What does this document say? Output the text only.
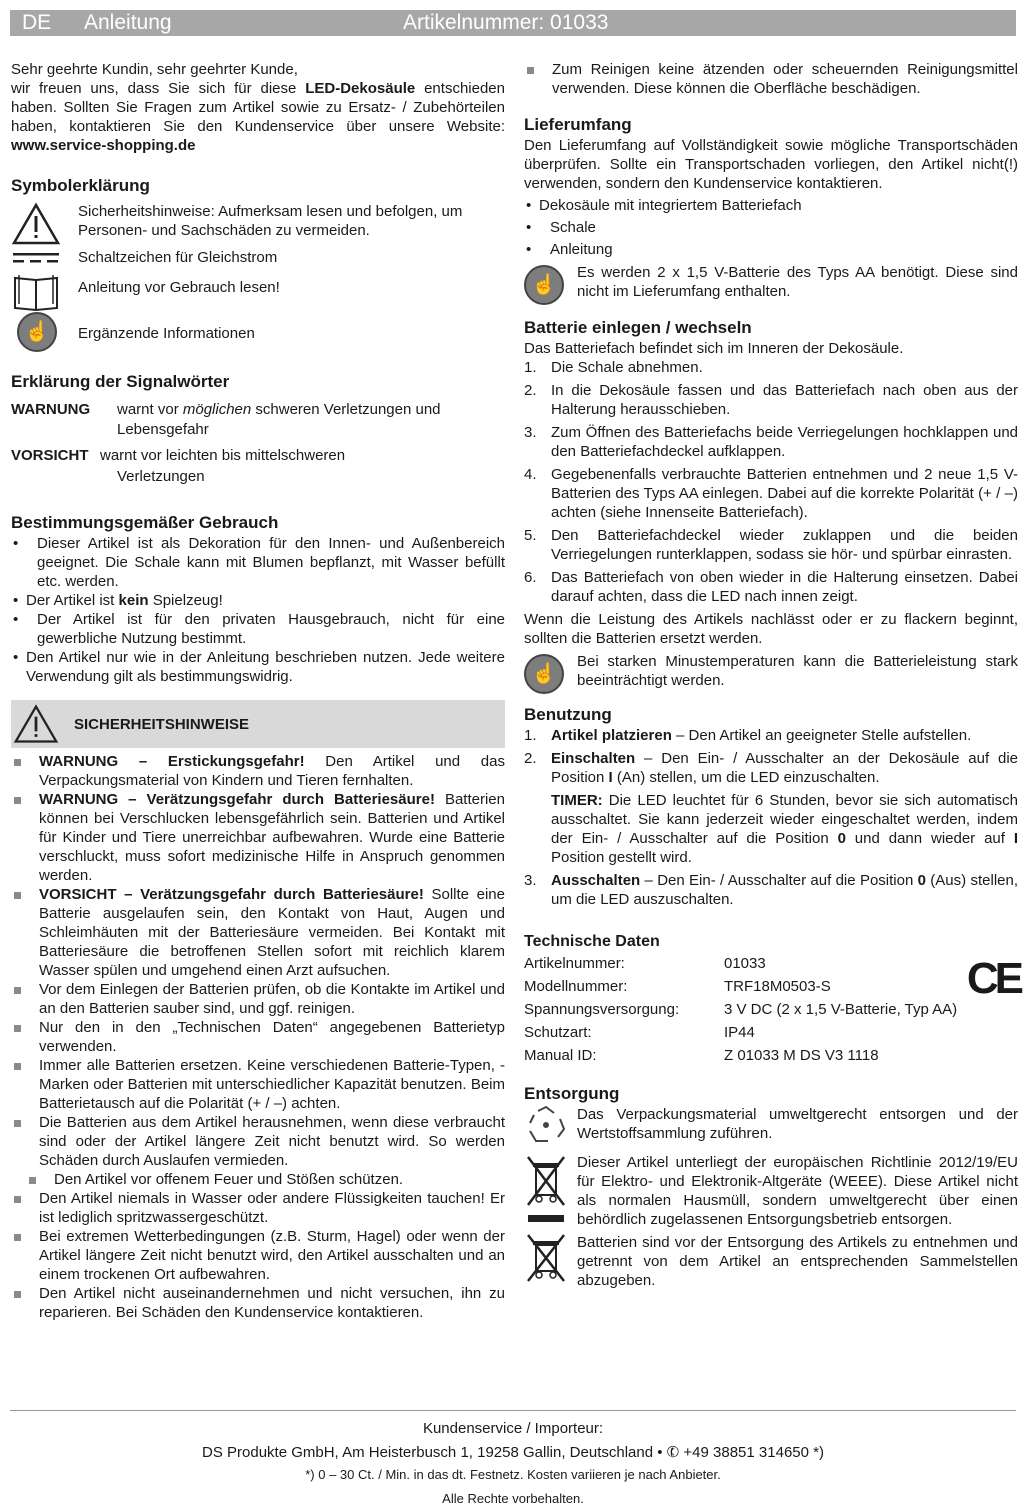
DE Anleitung	Artikelnummer: 01033

Sehr geehrte Kundin, sehr geehrter Kunde,

wir freuen uns, dass Sie sich für diese LED-Dekosäule entschieden haben. Sollten Sie Fragen zum Artikel sowie zu Ersatz- / Zubehörteilen haben, kontaktieren Sie den Kundenservice über unsere Website: www.service-shopping.de

Symbolerklärung

Sicherheitshinweise: Aufmerksam lesen und befolgen, um Personen- und Sachschäden zu vermeiden.

Schaltzeichen für Gleichstrom

Anleitung vor Gebrauch lesen!

☝	Ergänzende Informationen

Erklärung der Signalwörter
WARNUNG warnt vor möglichen schweren Verletzungen und
Lebensgefahr
VORSICHT warnt vor leichten bis mittelschweren
Verletzungen
Bestimmungsgemäßer Gebrauch
• Dieser Artikel ist als Dekoration für den Innen- und Außenbereich geeignet. Die Schale kann mit Blumen bepflanzt, mit Wasser befüllt etc. werden.
• Der Artikel ist kein Spielzeug!
• Der Artikel ist für den privaten Hausgebrauch, nicht für eine gewerbliche Nutzung bestimmt.
• Den Artikel nur wie in der Anleitung beschrieben nutzen. Jede weitere Verwendung gilt als bestimmungswidrig.
SICHERHEITSHINWEISE
WARNUNG – Erstickungsgefahr! Den Artikel und das Verpackungsmaterial von Kindern und Tieren fernhalten.
WARNUNG – Verätzungsgefahr durch Batteriesäure! Batterien können bei Verschlucken lebensgefährlich sein. Batterien und Artikel für Kinder und Tiere unerreichbar aufbewahren. Wurde eine Batterie verschluckt, muss sofort medizinische Hilfe in Anspruch genommen werden.
VORSICHT – Verätzungsgefahr durch Batteriesäure! Sollte eine Batterie ausgelaufen sein, den Kontakt von Haut, Augen und Schleimhäuten mit der Batteriesäure vermeiden. Bei Kontakt mit Batteriesäure die betroffenen Stellen sofort mit reichlich klarem Wasser spülen und umgehend einen Arzt aufsuchen.
Vor dem Einlegen der Batterien prüfen, ob die Kontakte im Artikel und an den Batterien sauber sind, und ggf. reinigen.
Nur den in den „Technischen Daten“ angegebenen Batterietyp verwenden.
Immer alle Batterien ersetzen. Keine verschiedenen Batterie-Typen, -Marken oder Batterien mit unterschiedlicher Kapazität benutzen. Beim Batterietausch auf die Polarität (+ / –) achten.
Die Batterien aus dem Artikel herausnehmen, wenn diese verbraucht sind oder der Artikel längere Zeit nicht benutzt wird. So werden Schäden durch Auslaufen vermieden.
Den Artikel vor offenem Feuer und Stößen schützen.
Den Artikel niemals in Wasser oder andere Flüssigkeiten tauchen! Er ist lediglich spritzwassergeschützt.
Bei extremen Wetterbedingungen (z.B. Sturm, Hagel) oder wenn der Artikel längere Zeit nicht benutzt wird, den Artikel ausschalten und an einem trockenen Ort aufbewahren.
Den Artikel nicht auseinandernehmen und nicht versuchen, ihn zu reparieren. Bei Schäden den Kundenservice kontaktieren.
Zum Reinigen keine ätzenden oder scheuernden Reinigungsmittel verwenden. Diese können die Oberfläche beschädigen.
Lieferumfang

Den Lieferumfang auf Vollständigkeit sowie mögliche Transportschäden überprüfen. Sollte ein Transportschaden vorliegen, den Artikel nicht(!) verwenden, sondern den Kundenservice kontaktieren.

• Dekosäule mit integriertem Batteriefach
• Schale
• Anleitung
☝

Es werden 2 x 1,5 V-Batterie des Typs AA benötigt. Diese sind nicht im Lieferumfang enthalten.

Batterie einlegen / wechseln

Das Batteriefach befindet sich im Inneren der Dekosäule.

1. Die Schale abnehmen.
2. In die Dekosäule fassen und das Batteriefach nach oben aus der Halterung herausschieben.
3. Zum Öffnen des Batteriefachs beide Verriegelungen hochklappen und den Batteriefachdeckel aufklappen.
4. Gegebenenfalls verbrauchte Batterien entnehmen und 2 neue 1,5 V-Batterien des Typs AA einlegen. Dabei auf die korrekte Polarität (+ / –) achten (siehe Innenseite Batteriefach).
5. Den Batteriefachdeckel wieder zuklappen und die beiden Verriegelungen runterklappen, sodass sie hör- und spürbar einrasten.
6. Das Batteriefach von oben wieder in die Halterung einsetzen. Dabei darauf achten, dass die LED nach innen zeigt.

Wenn die Leistung des Artikels nachlässt oder er zu flackern beginnt, sollten die Batterien ersetzt werden.

☝

Bei starken Minustemperaturen kann die Batterieleistung stark beeinträchtigt werden.

Benutzung
1. Artikel platzieren – Den Artikel an geeigneter Stelle aufstellen.
2. Einschalten – Den Ein- / Ausschalter an der Dekosäule auf die Position I (An) stellen, um die LED einzuschalten.

TIMER: Die LED leuchtet für 6 Stunden, bevor sie sich automatisch ausschaltet. Sie kann jederzeit wieder eingeschaltet werden, indem der Ein- / Ausschalter auf die Position 0 und dann wieder auf I Position gestellt wird.

3. Ausschalten – Den Ein- / Ausschalter auf die Position 0 (Aus) stellen, um die LED auszuschalten.
Technische Daten
Artikelnummer:	01033
Modellnummer:	TRF18M0503-S
Spannungsversorgung:	3 V DC (2 x 1,5 V-Batterie, Typ AA)
Schutzart:	IP44
Manual ID:	Z 01033 M DS V3 1118
CE
Entsorgung

Das Verpackungsmaterial umweltgerecht entsorgen und der Wertstoffsammlung zuführen.

Dieser Artikel unterliegt der europäischen Richtlinie 2012/19/EU für Elektro- und Elektronik-Altgeräte (WEEE). Diese Artikel nicht als normalen Hausmüll, sondern umweltgerecht über einen behördlich zugelassenen Entsorgungsbetrieb entsorgen.

Batterien sind vor der Entsorgung des Artikels zu entnehmen und getrennt von dem Artikel an entsprechenden Sammelstellen abzugeben.

Kundenservice / Importeur:
DS Produkte GmbH, Am Heisterbusch 1, 19258 Gallin, Deutschland • ✆ +49 38851 314650 *)
*) 0 – 30 Ct. / Min. in das dt. Festnetz. Kosten variieren je nach Anbieter.
Alle Rechte vorbehalten.
